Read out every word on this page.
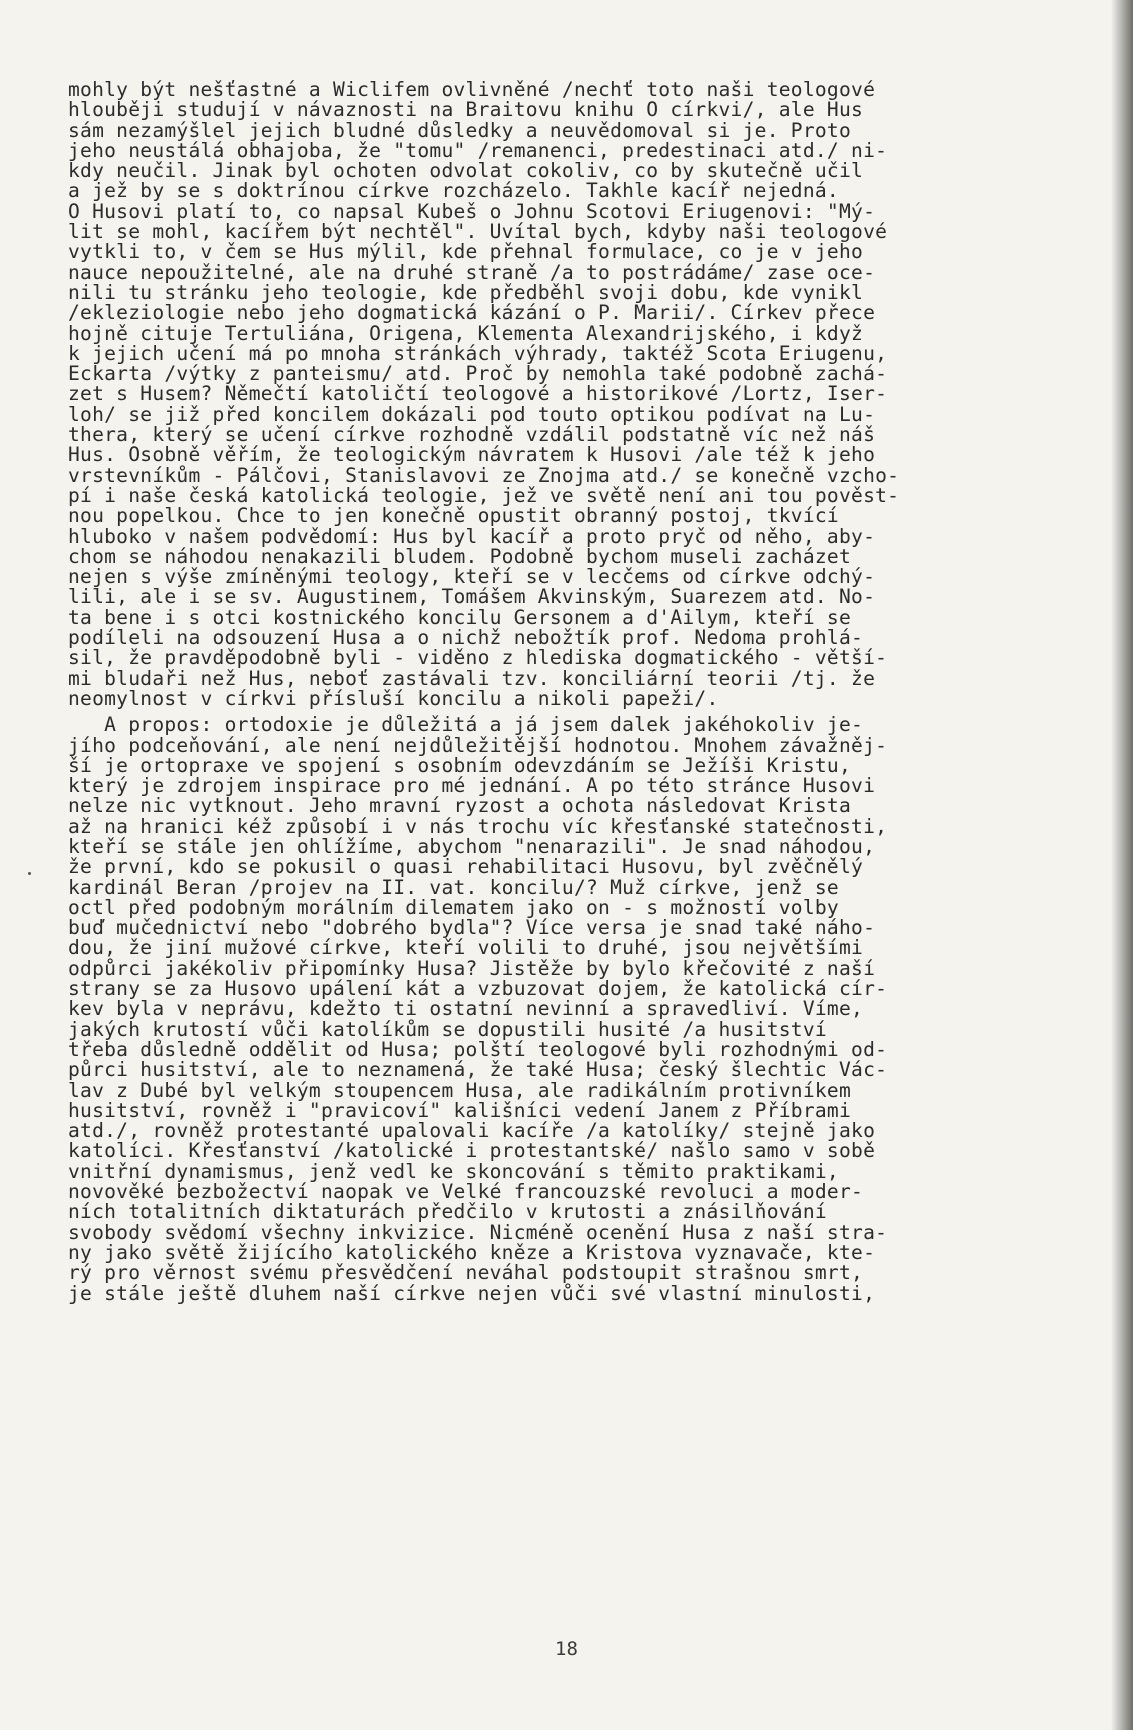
mohly být nešťastné a Wiclifem ovlivněné /nechť toto naši teologové
hlouběji studují v návaznosti na Braitovu knihu O církvi/, ale Hus
sám nezamýšlel jejich bludné důsledky a neuvědomoval si je. Proto
jeho neustálá obhajoba, že "tomu" /remanenci, predestinaci atd./ ni-
kdy neučil. Jinak byl ochoten odvolat cokoliv, co by skutečně učil
a jež by se s doktrínou církve rozcházelo. Takhle kacíř nejedná.
O Husovi platí to, co napsal Kubeš o Johnu Scotovi Eriugenovi: "Mý-
lit se mohl, kacířem být nechtěl". Uvítal bych, kdyby naši teologové
vytkli to, v čem se Hus mýlil, kde přehnal formulace, co je v jeho
nauce nepoužitelné, ale na druhé straně /a to postrádáme/ zase oce-
nili tu stránku jeho teologie, kde předběhl svoji dobu, kde vynikl
/ekleziologie nebo jeho dogmatická kázání o P. Marii/. Církev přece
hojně cituje Tertuliána, Origena, Klementa Alexandrijského, i když
k jejich učení má po mnoha stránkách výhrady, taktéž Scota Eriugenu,
Eckarta /výtky z panteismu/ atd. Proč by nemohla také podobně zachá-
zet s Husem? Němečtí katoličtí teologové a historikové /Lortz, Iser-
loh/ se již před koncilem dokázali pod touto optikou podívat na Lu-
thera, který se učení církve rozhodně vzdálil podstatně víc než náš
Hus. Osobně věřím, že teologickým návratem k Husovi /ale též k jeho
vrstevníkům - Pálčovi, Stanislavovi ze Znojma atd./ se konečně vzcho-
pí i naše česká katolická teologie, jež ve světě není ani tou pověst-
nou popelkou. Chce to jen konečně opustit obranný postoj, tkvící
hluboko v našem podvědomí: Hus byl kacíř a proto pryč od něho, aby-
chom se náhodou nenakazili bludem. Podobně bychom museli zacházet
nejen s výše zmíněnými teology, kteří se v lecčems od církve odchý-
lili, ale i se sv. Augustinem, Tomášem Akvinským, Suarezem atd. No-
ta bene i s otci kostnického koncilu Gersonem a d'Ailym, kteří se
podíleli na odsouzení Husa a o nichž nebožtík prof. Nedoma prohlá-
sil, že pravděpodobně byli - viděno z hlediska dogmatického - větší-
mi bludaři než Hus, neboť zastávali tzv. konciliární teorii /tj. že
neomylnost v církvi přísluší koncilu a nikoli papeži/.
A propos: ortodoxie je důležitá a já jsem dalek jakéhokoliv je-
jího podceňování, ale není nejdůležitější hodnotou. Mnohem závažněj-
ší je ortopraxe ve spojení s osobním odevzdáním se Ježíši Kristu,
který je zdrojem inspirace pro mé jednání. A po této stránce Husovi
nelze nic vytknout. Jeho mravní ryzost a ochota následovat Krista
až na hranici kéž způsobí i v nás trochu víc křesťanské statečnosti,
kteří se stále jen ohlížíme, abychom "nenarazili". Je snad náhodou,
že první, kdo se pokusil o quasi rehabilitaci Husovu, byl zvěčnělý
kardinál Beran /projev na II. vat. koncilu/? Muž církve, jenž se
octl před podobným morálním dilematem jako on - s možností volby
buď mučednictví nebo "dobrého bydla"? Více versa je snad také náho-
dou, že jiní mužové církve, kteří volili to druhé, jsou největšími
odpůrci jakékoliv připomínky Husa? Jistěže by bylo křečovité z naší
strany se za Husovo upálení kát a vzbuzovat dojem, že katolická cír-
kev byla v neprávu, kdežto ti ostatní nevinní a spravedliví. Víme,
jakých krutostí vůči katolíkům se dopustili husité /a husitství
třeba důsledně oddělit od Husa; polští teologové byli rozhodnými od-
půrci husitství, ale to neznamená, že také Husa; český šlechtic Vác-
lav z Dubé byl velkým stoupencem Husa, ale radikálním protivníkem
husitství, rovněž i "pravicoví" kališníci vedení Janem z Příbrami
atd./, rovněž protestanté upalovali kacíře /a katolíky/ stejně jako
katolíci. Křesťanství /katolické i protestantské/ našlo samo v sobě
vnitřní dynamismus, jenž vedl ke skoncování s těmito praktikami,
novověké bezbožectví naopak ve Velké francouzské revoluci a moder-
ních totalitních diktaturách předčilo v krutosti a znásilňování
svobody svědomí všechny inkvizice. Nicméně ocenění Husa z naší stra-
ny jako světě žijícího katolického kněze a Kristova vyznavače, kte-
rý pro věrnost svému přesvědčení neváhal podstoupit strašnou smrt,
je stále ještě dluhem naší církve nejen vůči své vlastní minulosti,
18
